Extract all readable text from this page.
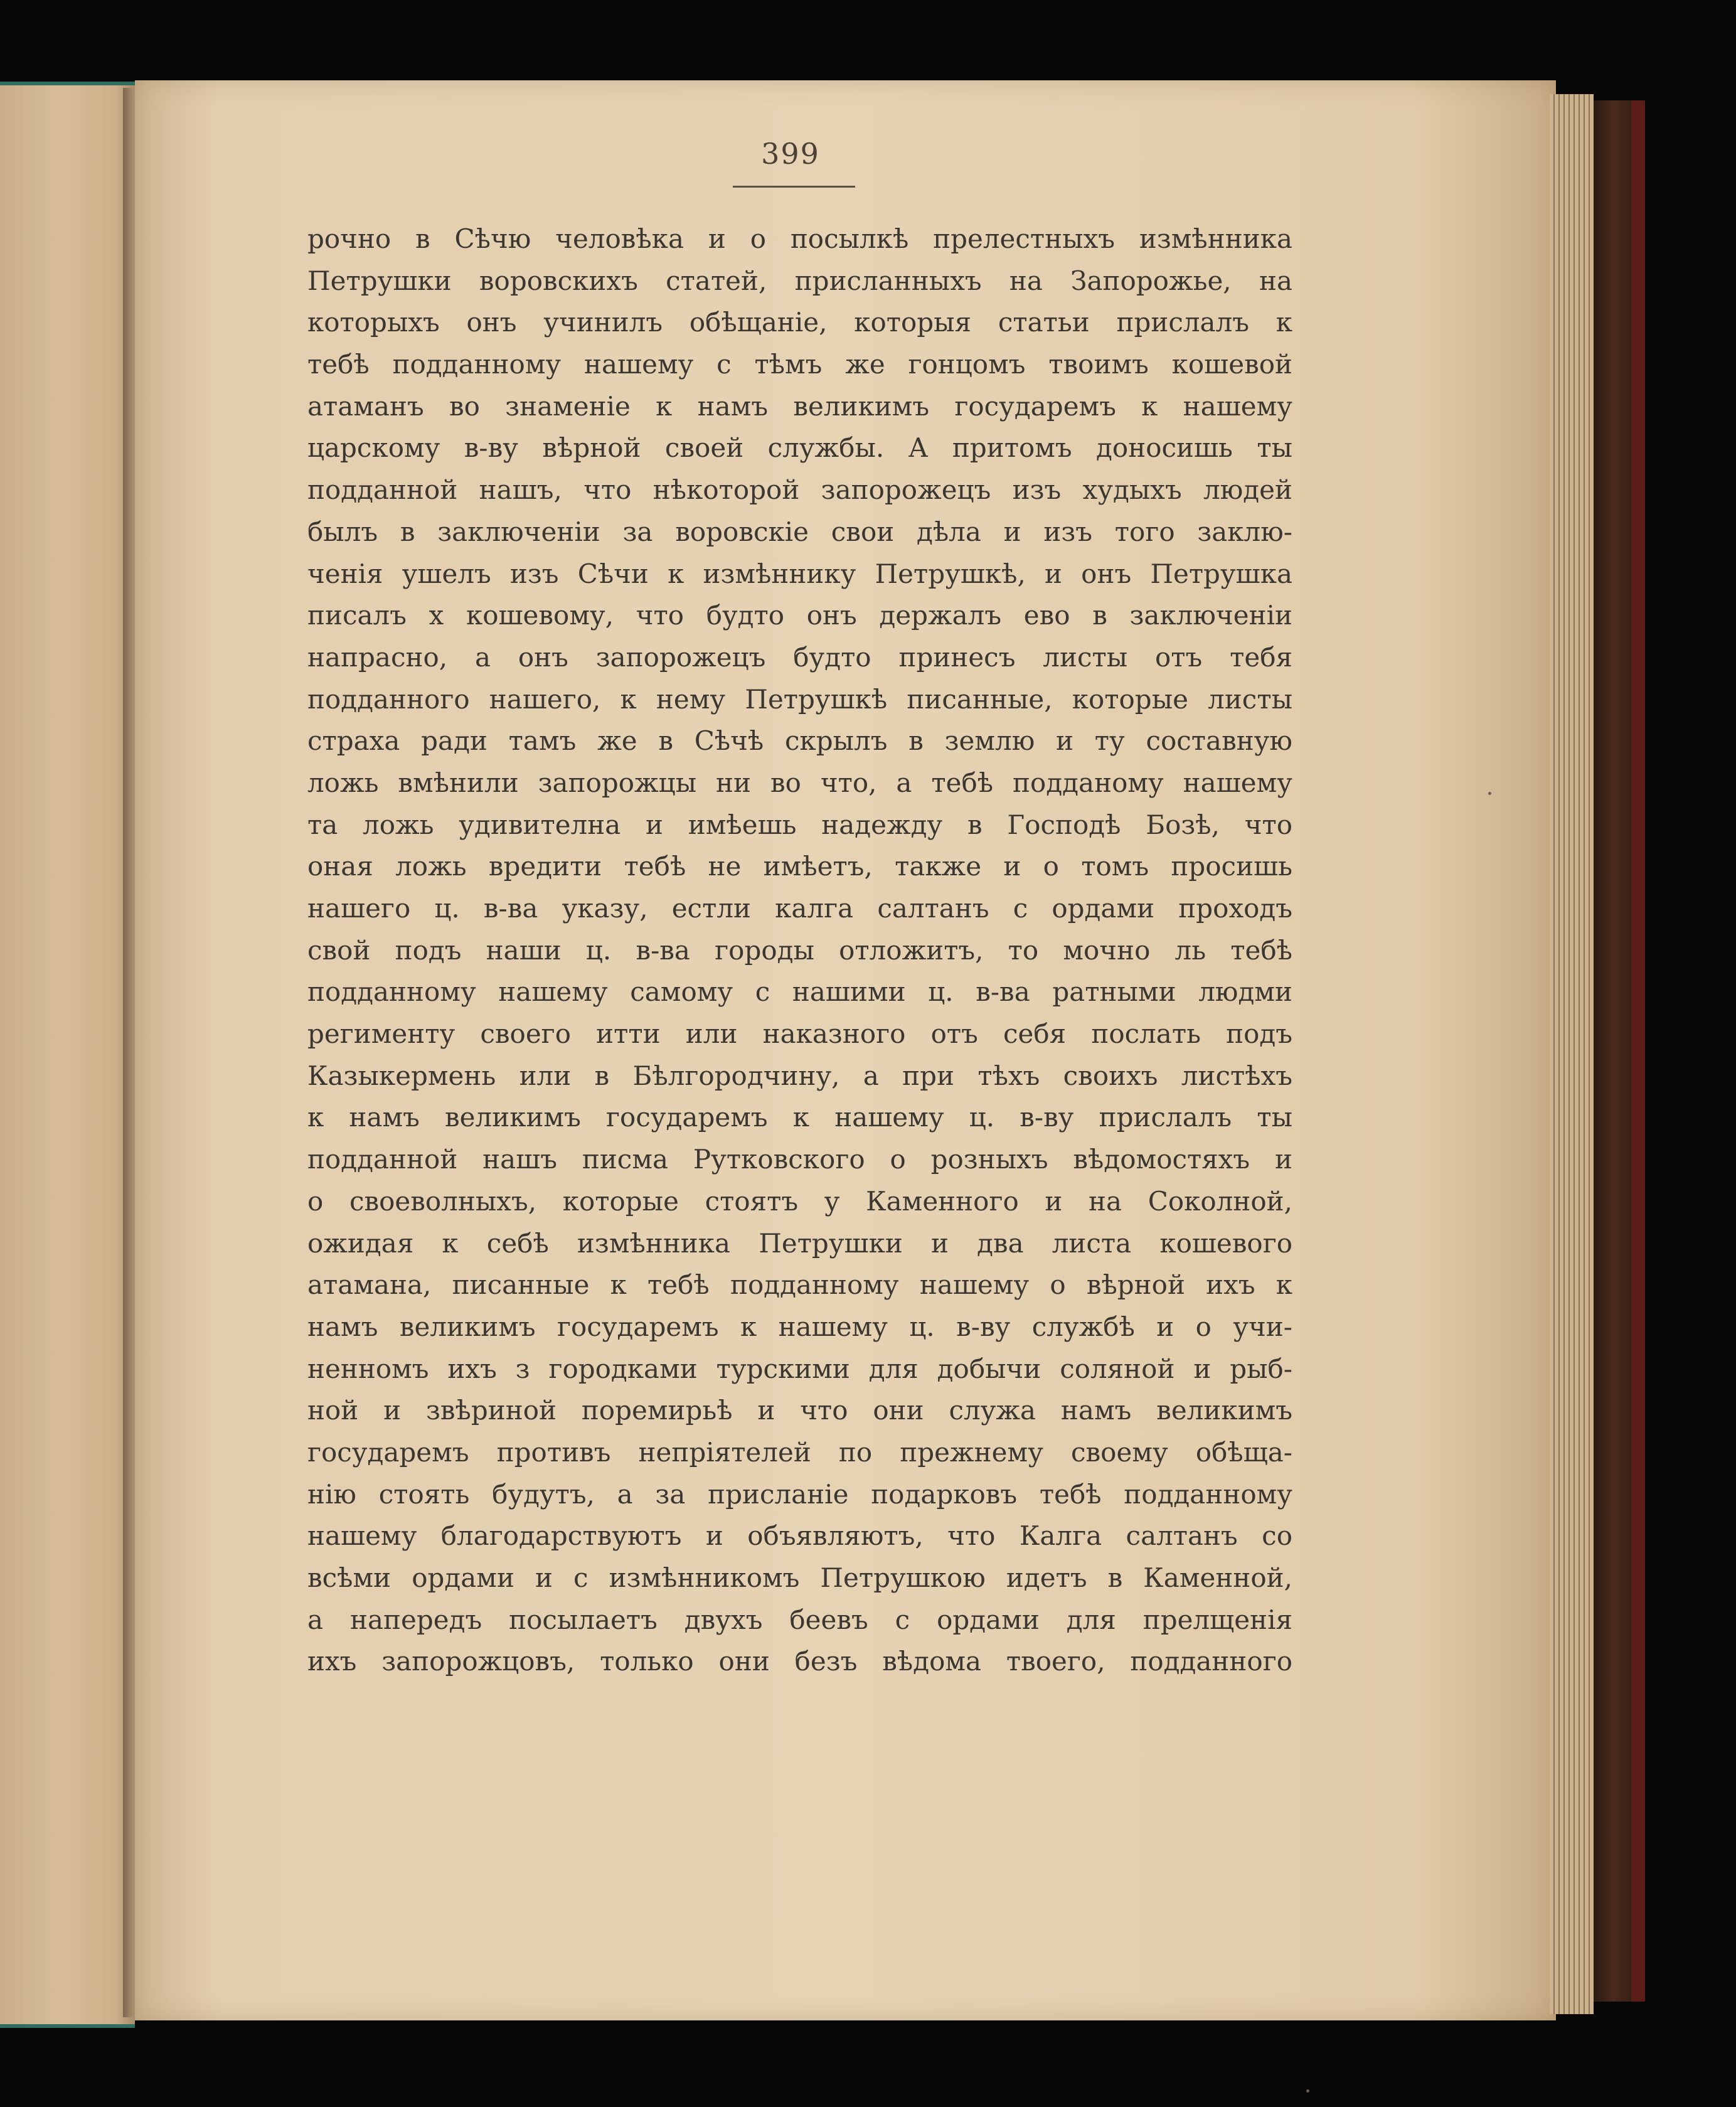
399
рочно в Сѣчю человѣка и о посылкѣ прелестныхъ измѣнника
Петрушки воровскихъ статей, присланныхъ на Запорожье, на
которыхъ онъ учинилъ обѣщаніе, которыя статьи прислалъ к
тебѣ подданному нашему с тѣмъ же гонцомъ твоимъ кошевой
атаманъ во знаменіе к намъ великимъ государемъ к нашему
царскому в-ву вѣрной своей службы. А притомъ доносишь ты
подданной нашъ, что нѣкоторой запорожецъ изъ худыхъ людей
былъ в заключеніи за воровскіе свои дѣла и изъ того заклю-
ченія ушелъ изъ Сѣчи к измѣннику Петрушкѣ, и онъ Петрушка
писалъ х кошевому, что будто онъ держалъ ево в заключеніи
напрасно, а онъ запорожецъ будто принесъ листы отъ тебя
подданного нашего, к нему Петрушкѣ писанные, которые листы
страха ради тамъ же в Сѣчѣ скрылъ в землю и ту составную
ложь вмѣнили запорожцы ни во что, а тебѣ подданому нашему
та ложь удивителна и имѣешь надежду в Господѣ Бозѣ, что
оная ложь вредити тебѣ не имѣетъ, также и о томъ просишь
нашего ц. в-ва указу, естли калга салтанъ с ордами проходъ
свой подъ наши ц. в-ва городы отложитъ, то мочно ль тебѣ
подданному нашему самому с нашими ц. в-ва ратными людми
регименту своего итти или наказного отъ себя послать подъ
Казыкермень или в Бѣлгородчину, а при тѣхъ своихъ листѣхъ
к намъ великимъ государемъ к нашему ц. в-ву прислалъ ты
подданной нашъ писма Рутковского о розныхъ вѣдомостяхъ и
о своеволныхъ, которые стоятъ у Каменного и на Соколной,
ожидая к себѣ измѣнника Петрушки и два листа кошевого
атамана, писанные к тебѣ подданному нашему о вѣрной ихъ к
намъ великимъ государемъ к нашему ц. в-ву службѣ и о учи-
ненномъ ихъ з городками турскими для добычи соляной и рыб-
ной и звѣриной поремирьѣ и что они служа намъ великимъ
государемъ противъ непріятелей по прежнему своему обѣща-
нію стоять будутъ, а за присланіе подарковъ тебѣ подданному
нашему благодарствуютъ и объявляютъ, что Калга салтанъ со
всѣми ордами и с измѣнникомъ Петрушкою идетъ в Каменной,
а напередъ посылаетъ двухъ беевъ с ордами для прелщенія
ихъ запорожцовъ, только они безъ вѣдома твоего, подданного
